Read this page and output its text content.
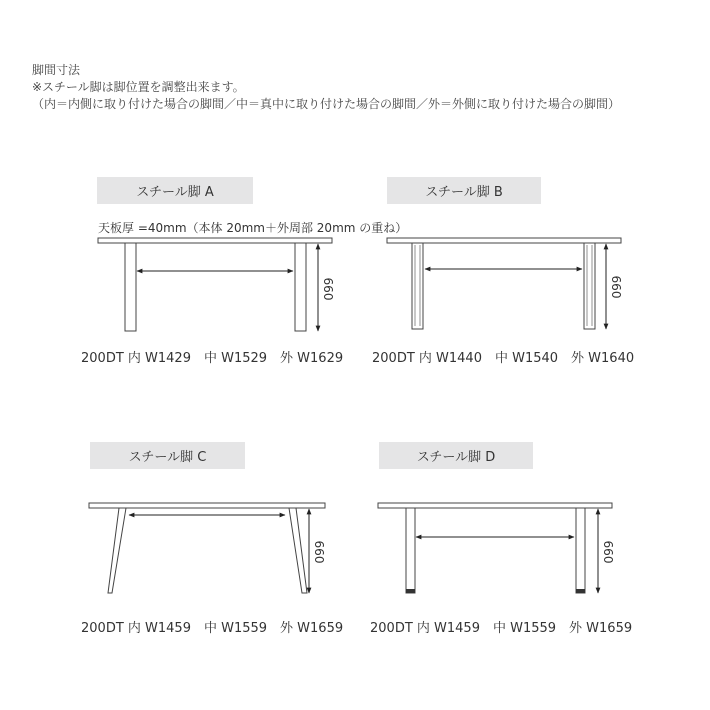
脚間寸法
※スチール脚は脚位置を調整出来ます。
（内＝内側に取り付けた場合の脚間／中＝真中に取り付けた場合の脚間／外＝外側に取り付けた場合の脚間）
スチール脚 A	スチール脚 B
スチール脚 C	スチール脚 D
天板厚 =40mm（本体 20mm＋外周部 20mm の重ね）
660	660
660	660
200DT 内 W1429　中 W1529　外 W1629 200DT 内 W1440　中 W1540　外 W1640
200DT 内 W1459　中 W1559　外 W1659 200DT 内 W1459　中 W1559　外 W1659
